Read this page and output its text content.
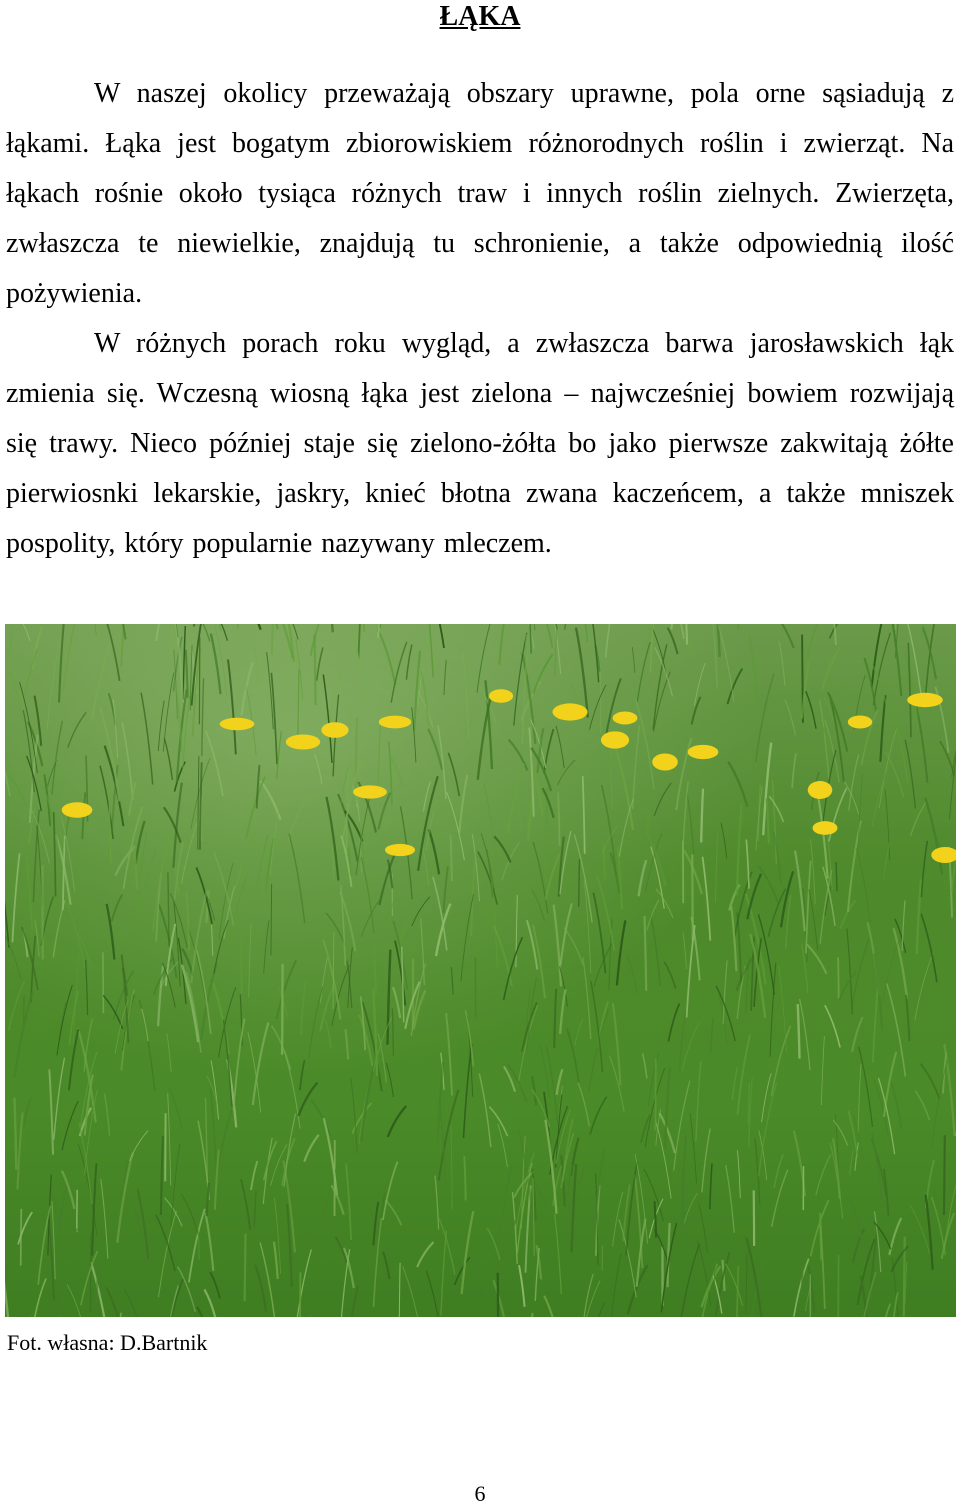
ŁĄKA

W naszej okolicy przeważają obszary uprawne, pola orne sąsiadują z łąkami. Łąka jest bogatym zbiorowiskiem różnorodnych roślin i zwierząt. Na łąkach rośnie około tysiąca różnych traw i innych roślin zielnych. Zwierzęta, zwłaszcza te niewielkie, znajdują tu schronienie, a także odpowiednią ilość pożywienia.

W różnych porach roku wygląd, a zwłaszcza barwa jarosławskich łąk zmienia się. Wczesną wiosną łąka jest zielona – najwcześniej bowiem rozwijają się trawy. Nieco później staje się zielono-żółta bo jako pierwsze zakwitają żółte pierwiosnki lekarskie, jaskry, knieć błotna zwana kaczeńcem, a także mniszek pospolity, który popularnie nazywany mleczem.

Fot. własna: D.Bartnik
6
